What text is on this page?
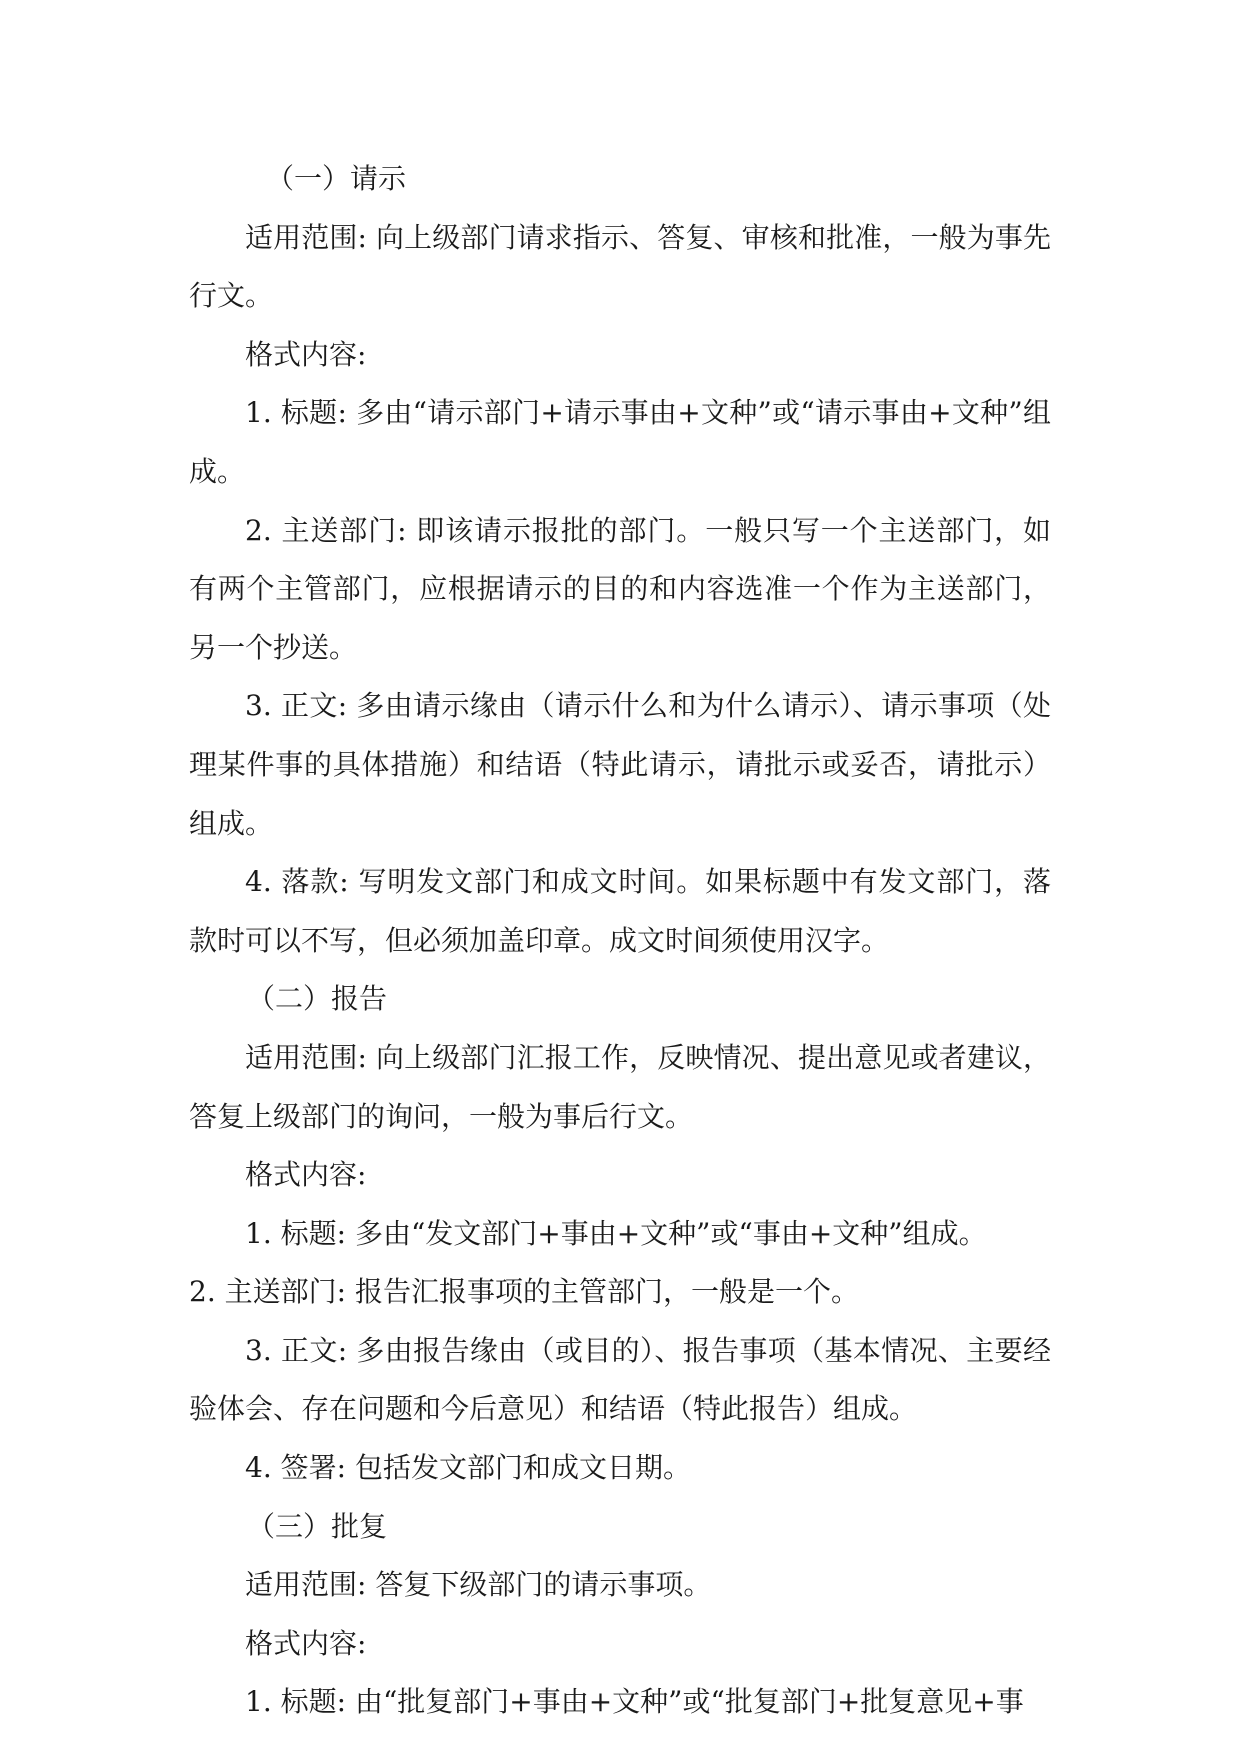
（一）请示

适用范围: 向上级部门请求指示、答复、审核和批准，一般为事先行文。

格式内容:

1. 标题: 多由“请示部门+请示事由+文种”或“请示事由+文种”组成。

2. 主送部门: 即该请示报批的部门。一般只写一个主送部门，如有两个主管部门，应根据请示的目的和内容选准一个作为主送部门，另一个抄送。

3. 正文: 多由请示缘由（请示什么和为什么请示）、请示事项（处理某件事的具体措施）和结语（特此请示，请批示或妥否，请批示）组成。

4. 落款: 写明发文部门和成文时间。如果标题中有发文部门，落款时可以不写，但必须加盖印章。成文时间须使用汉字。

（二）报告

适用范围: 向上级部门汇报工作，反映情况、提出意见或者建议，答复上级部门的询问，一般为事后行文。

格式内容:

1. 标题: 多由“发文部门+事由+文种”或“事由+文种”组成。

2. 主送部门: 报告汇报事项的主管部门，一般是一个。

3. 正文: 多由报告缘由（或目的）、报告事项（基本情况、主要经验体会、存在问题和今后意见）和结语（特此报告）组成。

4. 签署: 包括发文部门和成文日期。

（三）批复

适用范围: 答复下级部门的请示事项。

格式内容:

1. 标题: 由“批复部门+事由+文种”或“批复部门+批复意见+事
